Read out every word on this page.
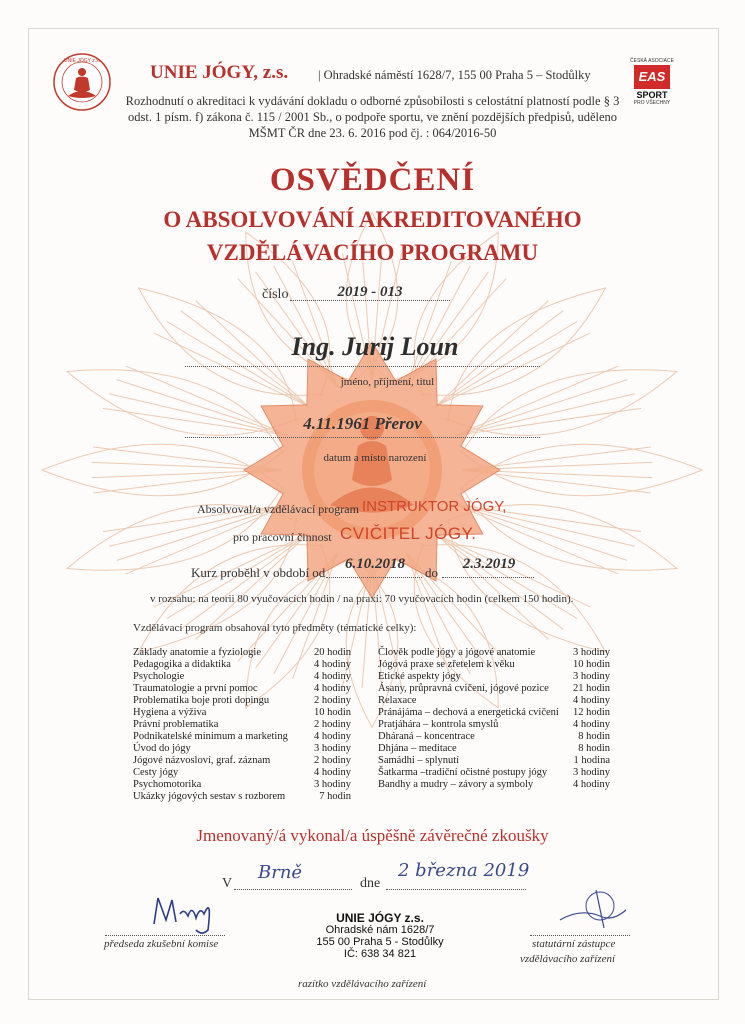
UNIE JÓGY z.s.
UNIE JÓGY, z.s. | Ohradské náměstí 1628/7, 155 00 Praha 5 – Stodůlky
Rozhodnutí o akreditaci k vydávání dokladu o odborné způsobilosti s celostátní platností podle § 3 odst. 1 písm. f) zákona č. 115 / 2001 Sb., o podpoře sportu, ve znění pozdějších předpisů, uděleno MŠMT ČR dne 23. 6. 2016 pod čj. : 064/2016-50
ČESKÁ ASOCIACE
EAS
SPORT
PRO VŠECHNY
OSVĚDČENÍ
O ABSOLVOVÁNÍ AKREDITOVANÉHO
VZDĚLÁVACÍHO PROGRAMU
číslo	2019 - 013
Ing. Jurij Loun
jméno, příjmení, titul
4.11.1961 Přerov
datum a místo narození
Absolvoval/a vzdělávací program INSTRUKTOR JÓGY,
pro pracovní činnost CVIČITEL JÓGY.
Kurz proběhl v období od
6.10.2018
do
2.3.2019
v rozsahu: na teorii 80 vyučovacích hodin / na praxi: 70 vyučovacích hodin (celkem 150 hodin).
Vzdělávací program obsahoval tyto předměty (tématické celky):
Základy anatomie a fyziologie	20 hodin
Pedagogika a didaktika	4 hodiny
Psychologie	4 hodiny
Traumatologie a první pomoc	4 hodiny
Problematika boje proti dopingu	2 hodiny
Hygiena a výživa	10 hodin
Právní problematika	2 hodiny
Podnikatelské minimum a marketing 4 hodiny
Úvod do jógy	3 hodiny
Jógové názvosloví, graf. záznam	2 hodiny
Cesty jógy	4 hodiny
Psychomotorika	3 hodiny
Ukázky jógových sestav s rozborem	7 hodin
Člověk podle jógy a jógové anatomie	3 hodiny
Jógová praxe se zřetelem k věku	10 hodin
Etické aspekty jógy	3 hodiny
Ásany, průpravná cvičení, jógové pozice 21 hodin
Relaxace	4 hodiny
Pránájáma – dechová a energetická cvičení 12 hodin
Pratjáhára – kontrola smyslů	4 hodiny
Dháraná – koncentrace	8 hodin
Dhjána – meditace	8 hodin
Samádhi – splynutí	1 hodina
Šatkarma –tradiční očistné postupy jógy 3 hodiny
Bandhy a mudry – závory a symboly	4 hodiny
Jmenovaný/á vykonal/a úspěšně závěrečné zkoušky
V
Brně
dne
2 března 2019
předseda zkušební komise	statutární zástupce
vzdělávacího zařízení
UNIE JÓGY z.s.
Ohradské nám 1628/7
155 00 Praha 5 - Stodůlky
IČ: 638 34 821
razítko vzdělávacího zařízení
